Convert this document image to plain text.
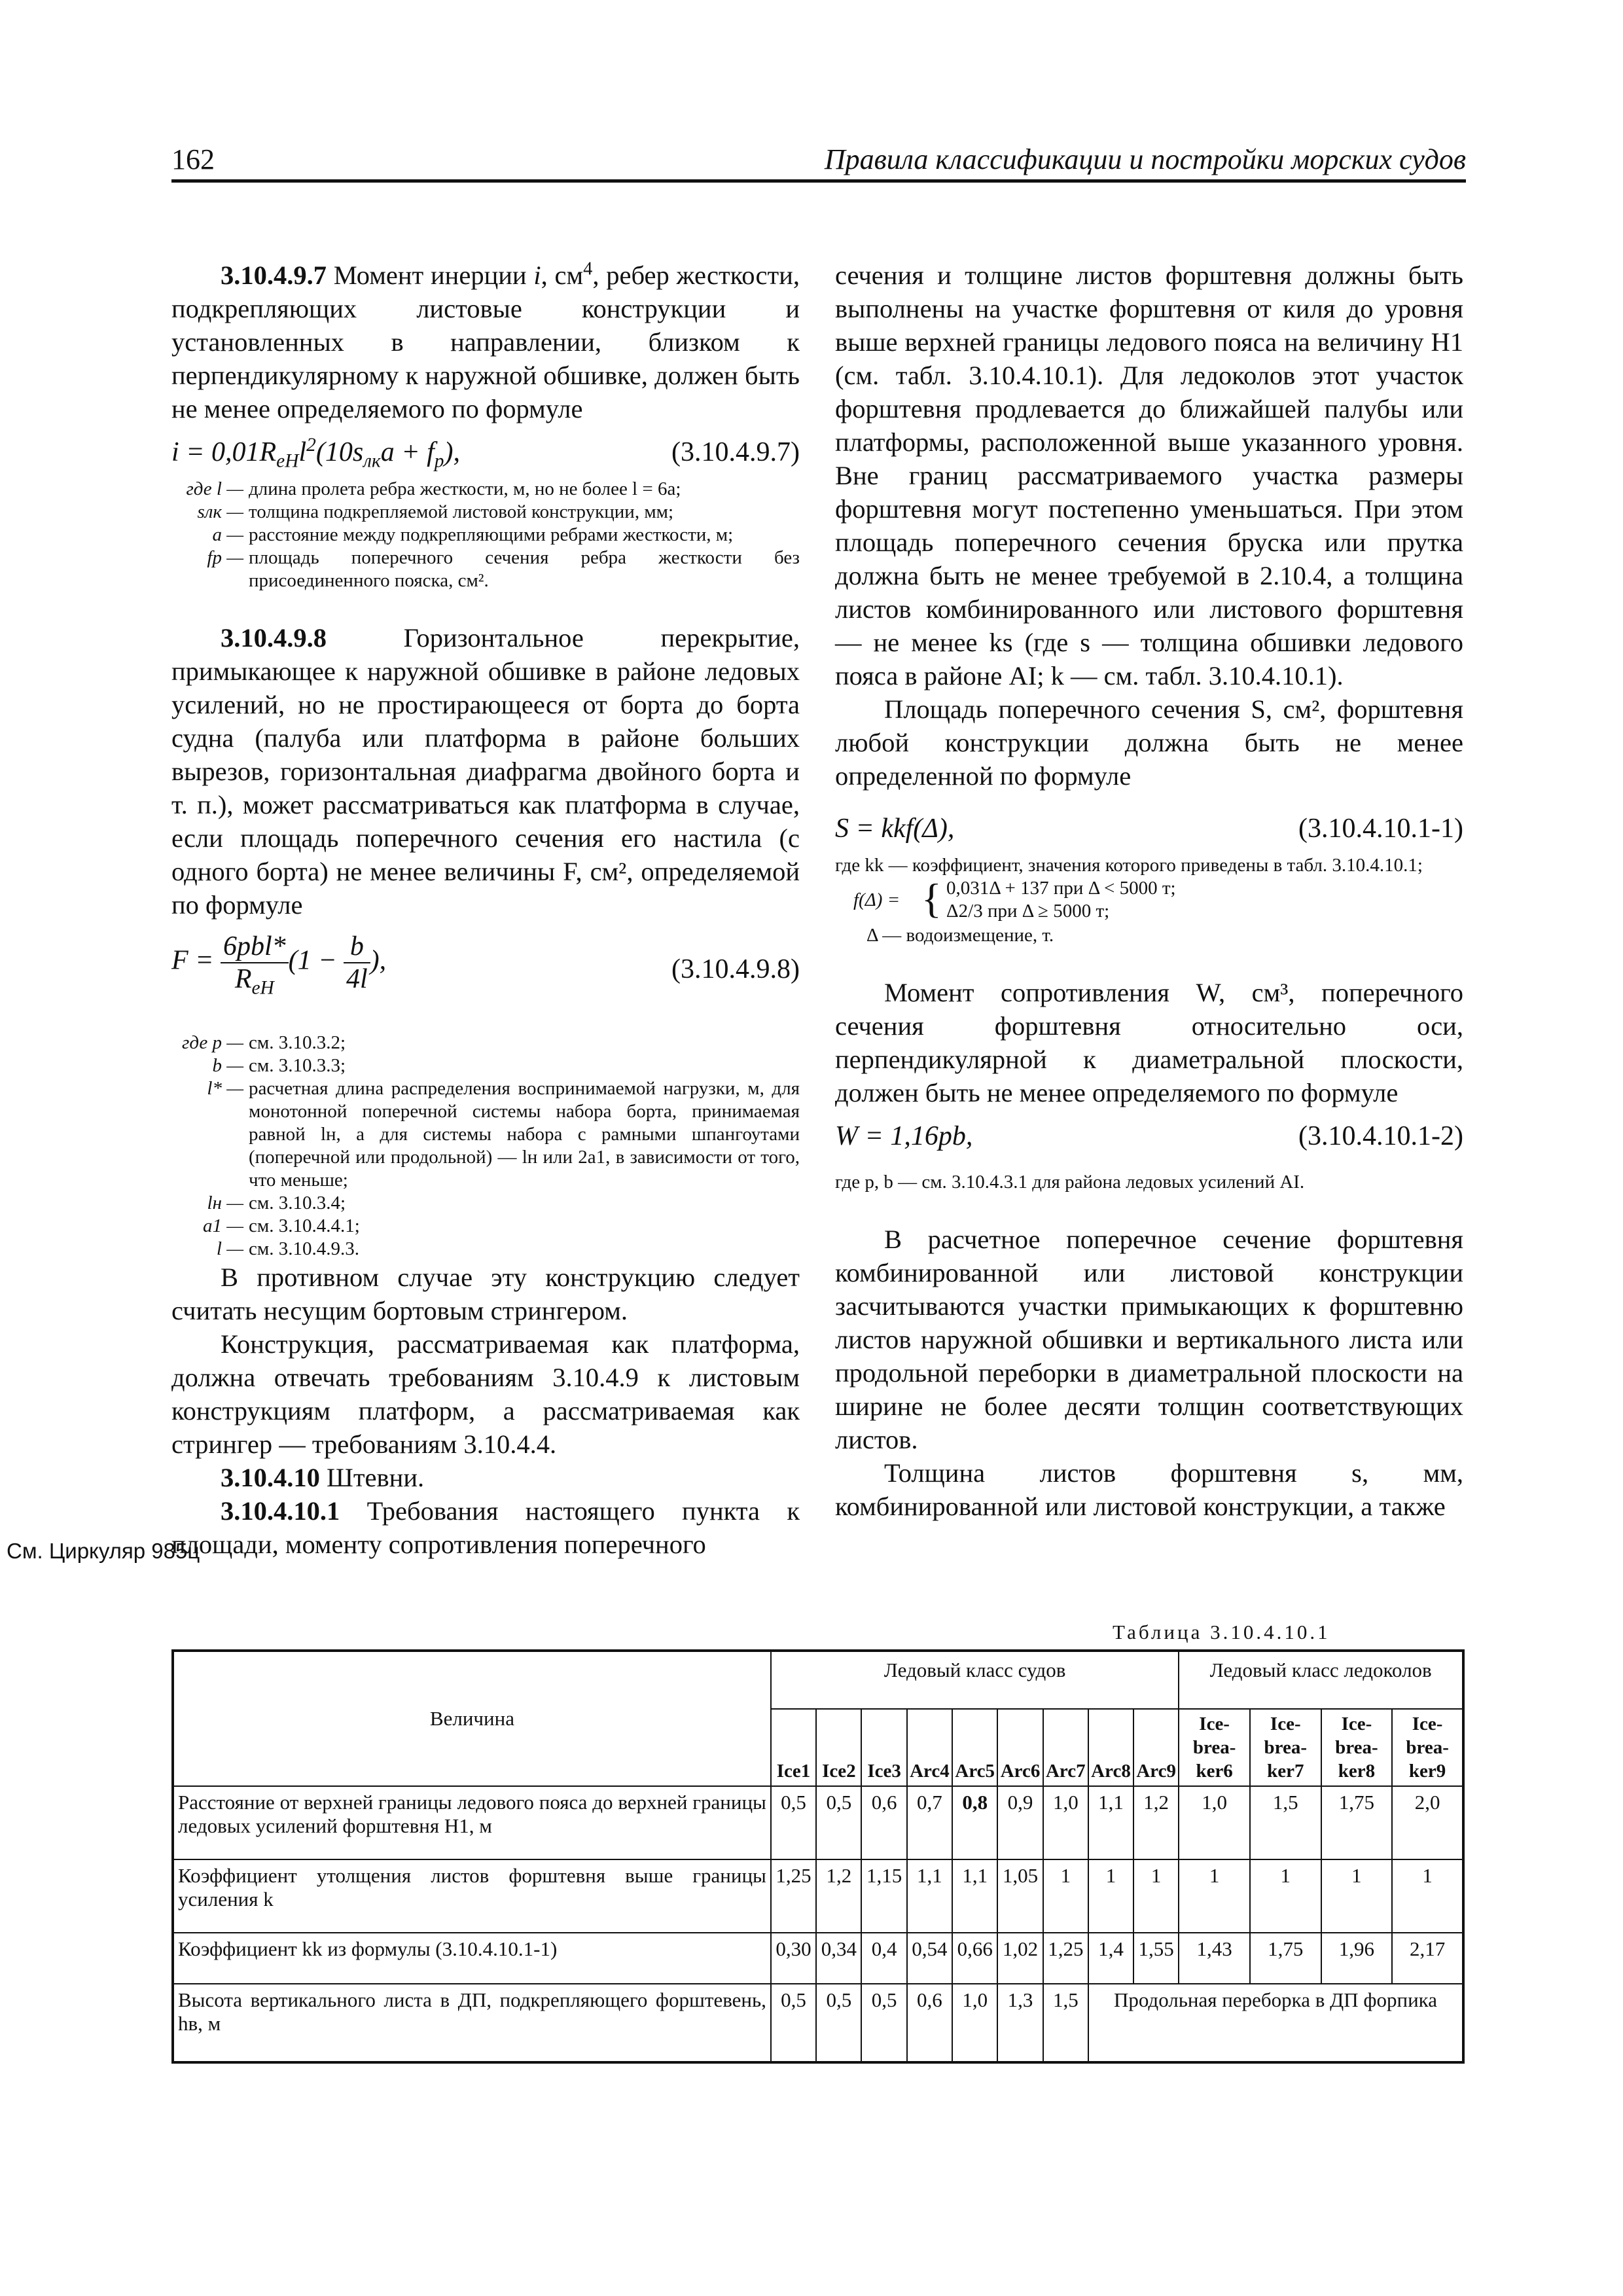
162	Правила классификации и постройки морских судов
См. Циркуляр 985ц

3.10.4.9.7 Момент инерции i, $см^4$, ребер жесткости, подкрепляющих листовые конструкции и установленных в направлении, близком к перпендикулярному к наружной обшивке, должен быть не менее определяемого по формуле

$i = 0,01R_{eH}l^2(10s_{лк}a + f_р)$,	(3.10.4.9.7)
где l — длина пролета ребра жесткости, м, но не более l = 6a;
sлк — толщина подкрепляемой листовой конструкции, мм;
a — расстояние между подкрепляющими ребрами жесткости, м;
fp — площадь поперечного сечения ребра жесткости без присоединенного пояска, см².

3.10.4.9.8 Горизонтальное перекрытие, примыкающее к наружной обшивке в районе ледовых усилений, но не простирающееся от борта до борта судна (палуба или платформа в районе больших вырезов, горизонтальная диафрагма двойного борта и т. п.), может рассматриваться как платформа в случае, если площадь поперечного сечения его настила (с одного борта) не менее величины F, см², определяемой по формуле

$F = \frac{\text{6pbl*}}{R_{eH}} (1 - \frac{b}{4l}$ ),	(3.10.4.9.8)
где p — см. 3.10.3.2;
b — см. 3.10.3.3;
l* — расчетная длина распределения воспринимаемой нагрузки, м, для монотонной поперечной системы набора борта, принимаемая равной lн, а для системы набора с рамными шпангоутами (поперечной или продольной) — lн или 2a1, в зависимости от того, что меньше;
lн — см. 3.10.3.4;
a1 — см. 3.10.4.4.1;
l — см. 3.10.4.9.3.

В противном случае эту конструкцию следует считать несущим бортовым стрингером.

Конструкция, рассматриваемая как платформа, должна отвечать требованиям 3.10.4.9 к листовым конструкциям платформ, а рассматриваемая как стрингер — требованиям 3.10.4.4.

3.10.4.10 Штевни.

3.10.4.10.1 Требования настоящего пункта к площади, моменту сопротивления поперечного

сечения и толщине листов форштевня должны быть выполнены на участке форштевня от киля до уровня выше верхней границы ледового пояса на величину H1 (см. табл. 3.10.4.10.1). Для ледоколов этот участок форштевня продлевается до ближайшей палубы или платформы, расположенной выше указанного уровня. Вне границ рассматриваемого участка размеры форштевня могут постепенно уменьшаться. При этом площадь поперечного сечения бруска или прутка должна быть не менее требуемой в 2.10.4, а толщина листов комбинированного или листового форштевня — не менее ks (где s — толщина обшивки ледового пояса в районе AI; k — см. табл. 3.10.4.10.1).

Площадь поперечного сечения S, см², форштевня любой конструкции должна быть не менее определенной по формуле

S = kkf(Δ),	(3.10.4.10.1-1)
где kk — коэффициент, значения которого приведены в табл. 3.10.4.10.1;
f(Δ) = { 0,031Δ + 137 при Δ < 5000 т;
Δ2/3 при Δ ≥ 5000 т;
Δ — водоизмещение, т.

Момент сопротивления W, см³, поперечного сечения форштевня относительно оси, перпендикулярной к диаметральной плоскости, должен быть не менее определяемого по формуле

W = 1,16pb,	(3.10.4.10.1-2)
где p, b — см. 3.10.4.3.1 для района ледовых усилений AI.

В расчетное поперечное сечение форштевня комбинированной или листовой конструкции засчитываются участки примыкающих к форштевню листов наружной обшивки и вертикального листа или продольной переборки в диаметральной плоскости на ширине не более десяти толщин соответствующих листов.

Толщина листов форштевня s, мм, комбинированной или листовой конструкции, а также

Таблица 3.10.4.10.1
Величина	Ледовый класс судов									Ледовый класс ледоколов			
	Ice1	Ice2	Ice3	Arc4	Arc5	Arc6	Arc7	Arc8	Arc9	Ice-
brea-
ker6	Ice-
brea-
ker7	Ice-
brea-
ker8	Ice-
brea-
ker9
Расстояние от верхней границы ледового пояса до верхней границы ледовых усилений форштевня H1, м	0,5	0,5	0,6	0,7	0,8	0,9	1,0	1,1	1,2	1,0	1,5	1,75	2,0
Коэффициент утолщения листов форштевня выше границы усиления k	1,25	1,2	1,15	1,1	1,1	1,05	1	1	1	1	1	1	1
Коэффициент kk из формулы (3.10.4.10.1-1)	0,30	0,34	0,4	0,54	0,66	1,02	1,25	1,4	1,55	1,43	1,75	1,96	2,17
Высота вертикального листа в ДП, подкрепляющего форштевень, hв, м	0,5	0,5	0,5	0,6	1,0	1,3	1,5	Продольная переборка в ДП форпика					
